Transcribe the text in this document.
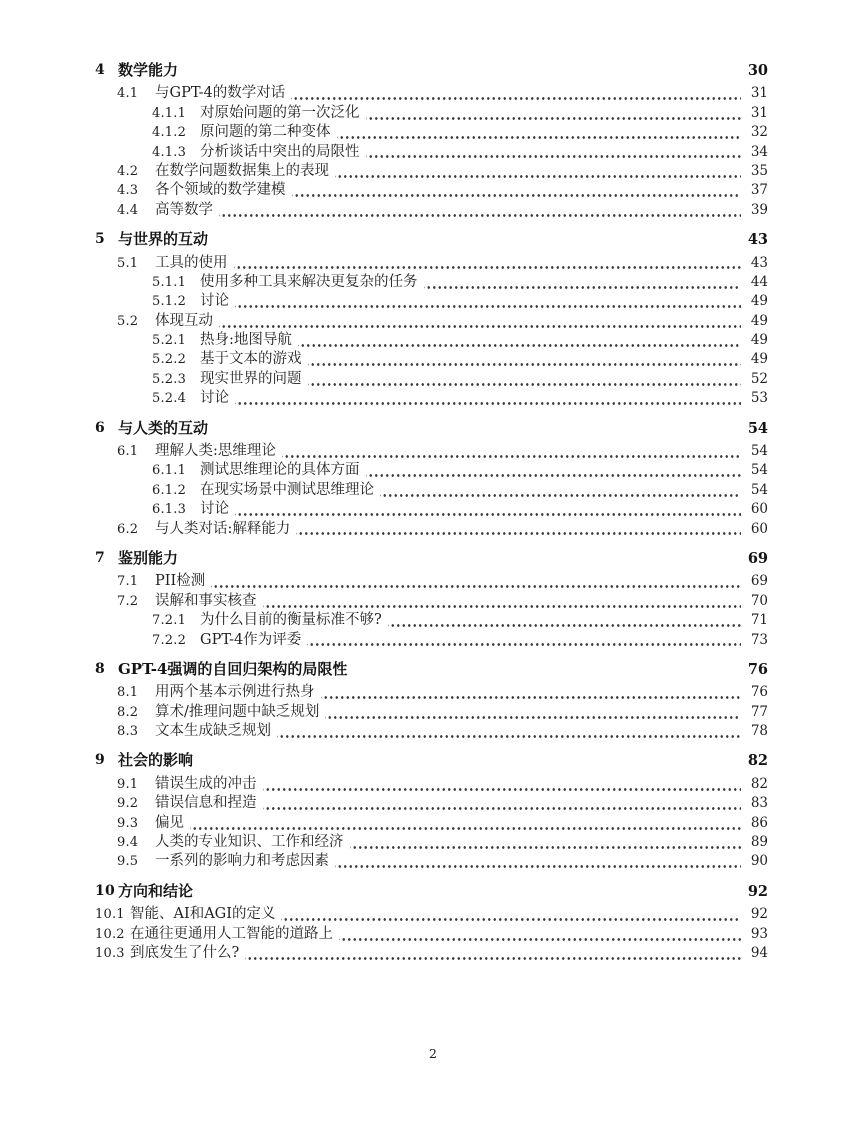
4 数学能力	30
4.1	与GPT-4的数学对话	31
4.1.1 对原始问题的第一次泛化	31
4.1.2 原问题的第二种变体	32
4.1.3 分析谈话中突出的局限性	34
4.2	在数学问题数据集上的表现	35
4.3	各个领域的数学建模	37
4.4	高等数学	39
5 与世界的互动	43
5.1	工具的使用	43
5.1.1 使用多种工具来解决更复杂的任务	44
5.1.2 讨论	49
5.2	体现互动	49
5.2.1 热身:地图导航	49
5.2.2 基于文本的游戏	49
5.2.3 现实世界的问题	52
5.2.4 讨论	53
6 与人类的互动	54
6.1	理解人类:思维理论	54
6.1.1 测试思维理论的具体方面	54
6.1.2 在现实场景中测试思维理论	54
6.1.3 讨论	60
6.2	与人类对话:解释能力	60
7 鉴别能力	69
7.1	PII检测	69
7.2	误解和事实核查	70
7.2.1 为什么目前的衡量标准不够?	71
7.2.2 GPT-4作为评委	73
8 GPT-4强调的自回归架构的局限性	76
8.1	用两个基本示例进行热身	76
8.2	算术/推理问题中缺乏规划	77
8.3	文本生成缺乏规划	78
9 社会的影响	82
9.1	错误生成的冲击	82
9.2	错误信息和捏造	83
9.3	偏见	86
9.4	人类的专业知识、工作和经济	89
9.5	一系列的影响力和考虑因素	90
10 方向和结论	92
10.1 智能、AI和AGI的定义	92
10.2 在通往更通用人工智能的道路上	93
10.3 到底发生了什么?	94
2
